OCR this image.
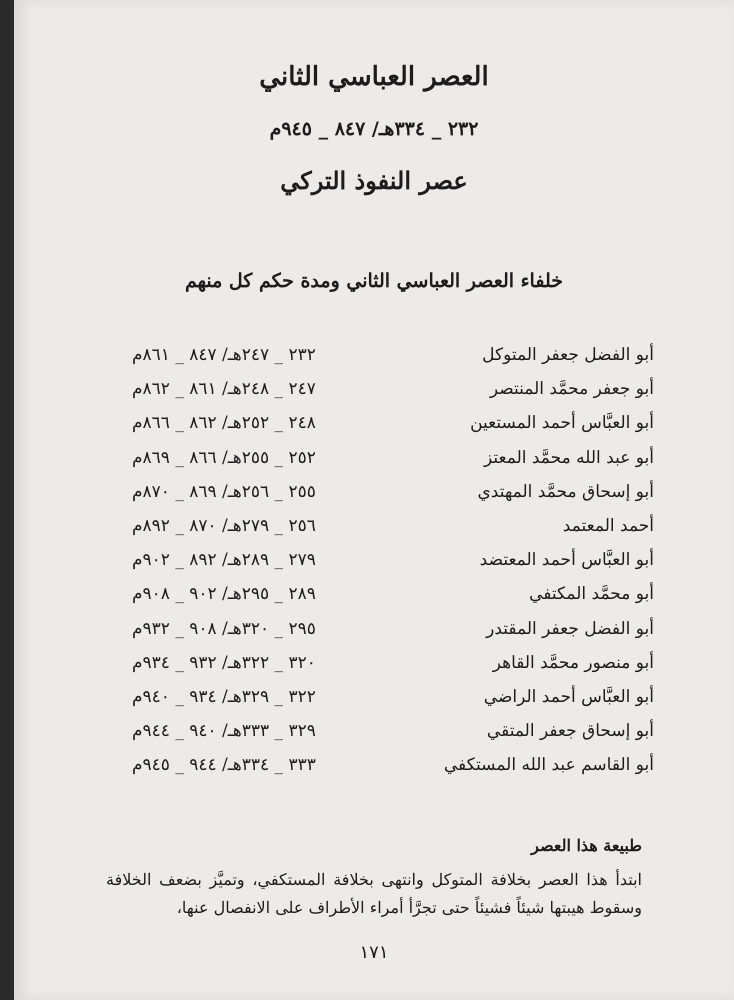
العصر العباسي الثاني
٢٣٢ _ ٣٣٤هـ/ ٨٤٧ _ ٩٤٥م
عصر النفوذ التركي
خلفاء العصر العباسي الثاني ومدة حكم كل منهم
٢٣٢ _ ٢٤٧هـ/ ٨٤٧ _ ٨٦١م	أبو الفضل جعفر المتوكل
٢٤٧ _ ٢٤٨هـ/ ٨٦١ _ ٨٦٢م	أبو جعفر محمَّد المنتصر
٢٤٨ _ ٢٥٢هـ/ ٨٦٢ _ ٨٦٦م	أبو العبَّاس أحمد المستعين
٢٥٢ _ ٢٥٥هـ/ ٨٦٦ _ ٨٦٩م	أبو عبد الله محمَّد المعتز
٢٥٥ _ ٢٥٦هـ/ ٨٦٩ _ ٨٧٠م	أبو إسحاق محمَّد المهتدي
٢٥٦ _ ٢٧٩هـ/ ٨٧٠ _ ٨٩٢م	أحمد المعتمد
٢٧٩ _ ٢٨٩هـ/ ٨٩٢ _ ٩٠٢م	أبو العبَّاس أحمد المعتضد
٢٨٩ _ ٢٩٥هـ/ ٩٠٢ _ ٩٠٨م	أبو محمَّد المكتفي
٢٩٥ _ ٣٢٠هـ/ ٩٠٨ _ ٩٣٢م	أبو الفضل جعفر المقتدر
٣٢٠ _ ٣٢٢هـ/ ٩٣٢ _ ٩٣٤م	أبو منصور محمَّد القاهر
٣٢٢ _ ٣٢٩هـ/ ٩٣٤ _ ٩٤٠م	أبو العبَّاس أحمد الراضي
٣٢٩ _ ٣٣٣هـ/ ٩٤٠ _ ٩٤٤م	أبو إسحاق جعفر المتقي
٣٣٣ _ ٣٣٤هـ/ ٩٤٤ _ ٩٤٥م	أبو القاسم عبد الله المستكفي
طبيعة هذا العصر
ابتدأ هذا العصر بخلافة المتوكل وانتهى بخلافة المستكفي، وتميَّز بضعف الخلافة وسقوط هيبتها شيئاً فشيئاً حتى تجرَّأ أمراء الأطراف على الانفصال عنها،
١٧١
